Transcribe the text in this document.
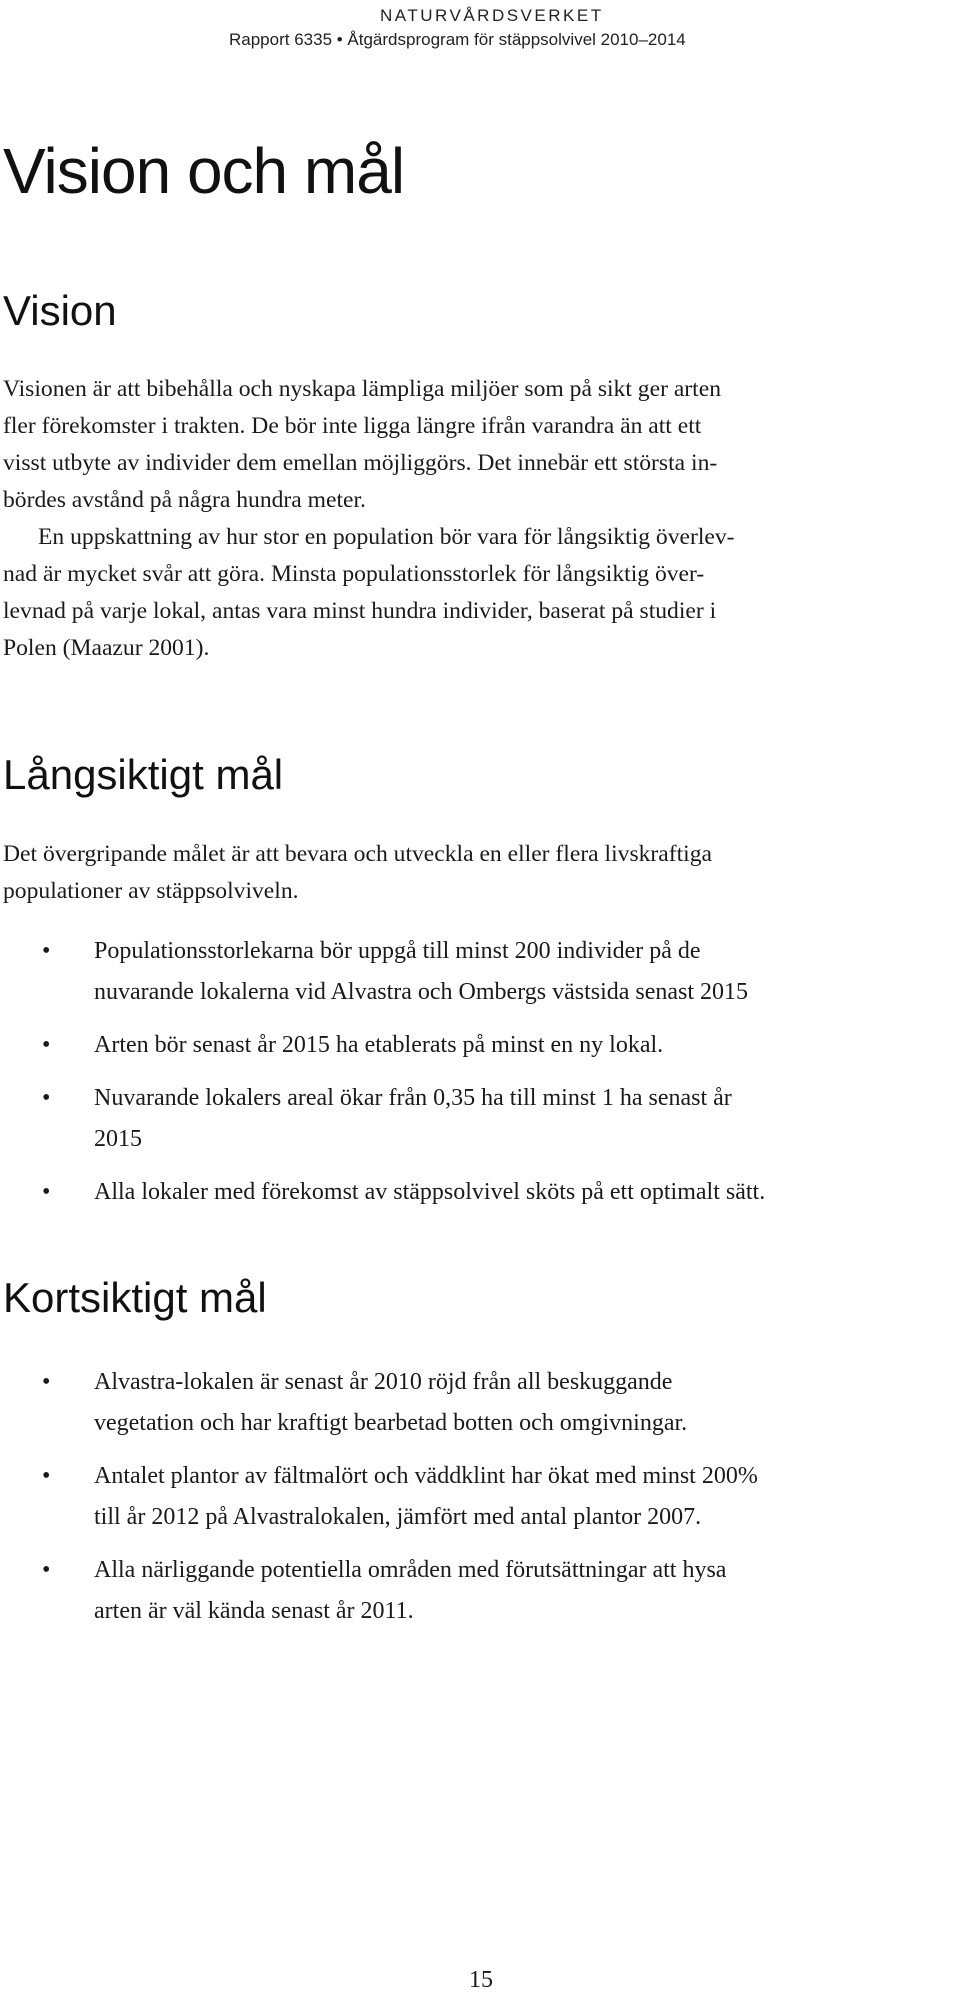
NATURVÅRDSVERKET
Rapport 6335 • Åtgärdsprogram för stäppsolvivel 2010–2014
Vision och mål
Vision

Visionen är att bibehålla och nyskapa lämpliga miljöer som på sikt ger arten
fler förekomster i trakten. De bör inte ligga längre ifrån varandra än att ett
visst utbyte av individer dem emellan möjliggörs. Det innebär ett största in-
bördes avstånd på några hundra meter.

En uppskattning av hur stor en population bör vara för långsiktig överlev-
nad är mycket svår att göra. Minsta populationsstorlek för långsiktig över-
levnad på varje lokal, antas vara minst hundra individer, baserat på studier i
Polen (Maazur 2001).

Långsiktigt mål

Det övergripande målet är att bevara och utveckla en eller flera livskraftiga
populationer av stäppsolviveln.

• Populationsstorlekarna bör uppgå till minst 200 individer på de
nuvarande lokalerna vid Alvastra och Ombergs västsida senast 2015
• Arten bör senast år 2015 ha etablerats på minst en ny lokal.
• Nuvarande lokalers areal ökar från 0,35 ha till minst 1 ha senast år
2015
• Alla lokaler med förekomst av stäppsolvivel sköts på ett optimalt sätt.
Kortsiktigt mål
• Alvastra-lokalen är senast år 2010 röjd från all beskuggande
vegetation och har kraftigt bearbetad botten och omgivningar.
• Antalet plantor av fältmalört och väddklint har ökat med minst 200%
till år 2012 på Alvastralokalen, jämfört med antal plantor 2007.
• Alla närliggande potentiella områden med förutsättningar att hysa
arten är väl kända senast år 2011.
15
